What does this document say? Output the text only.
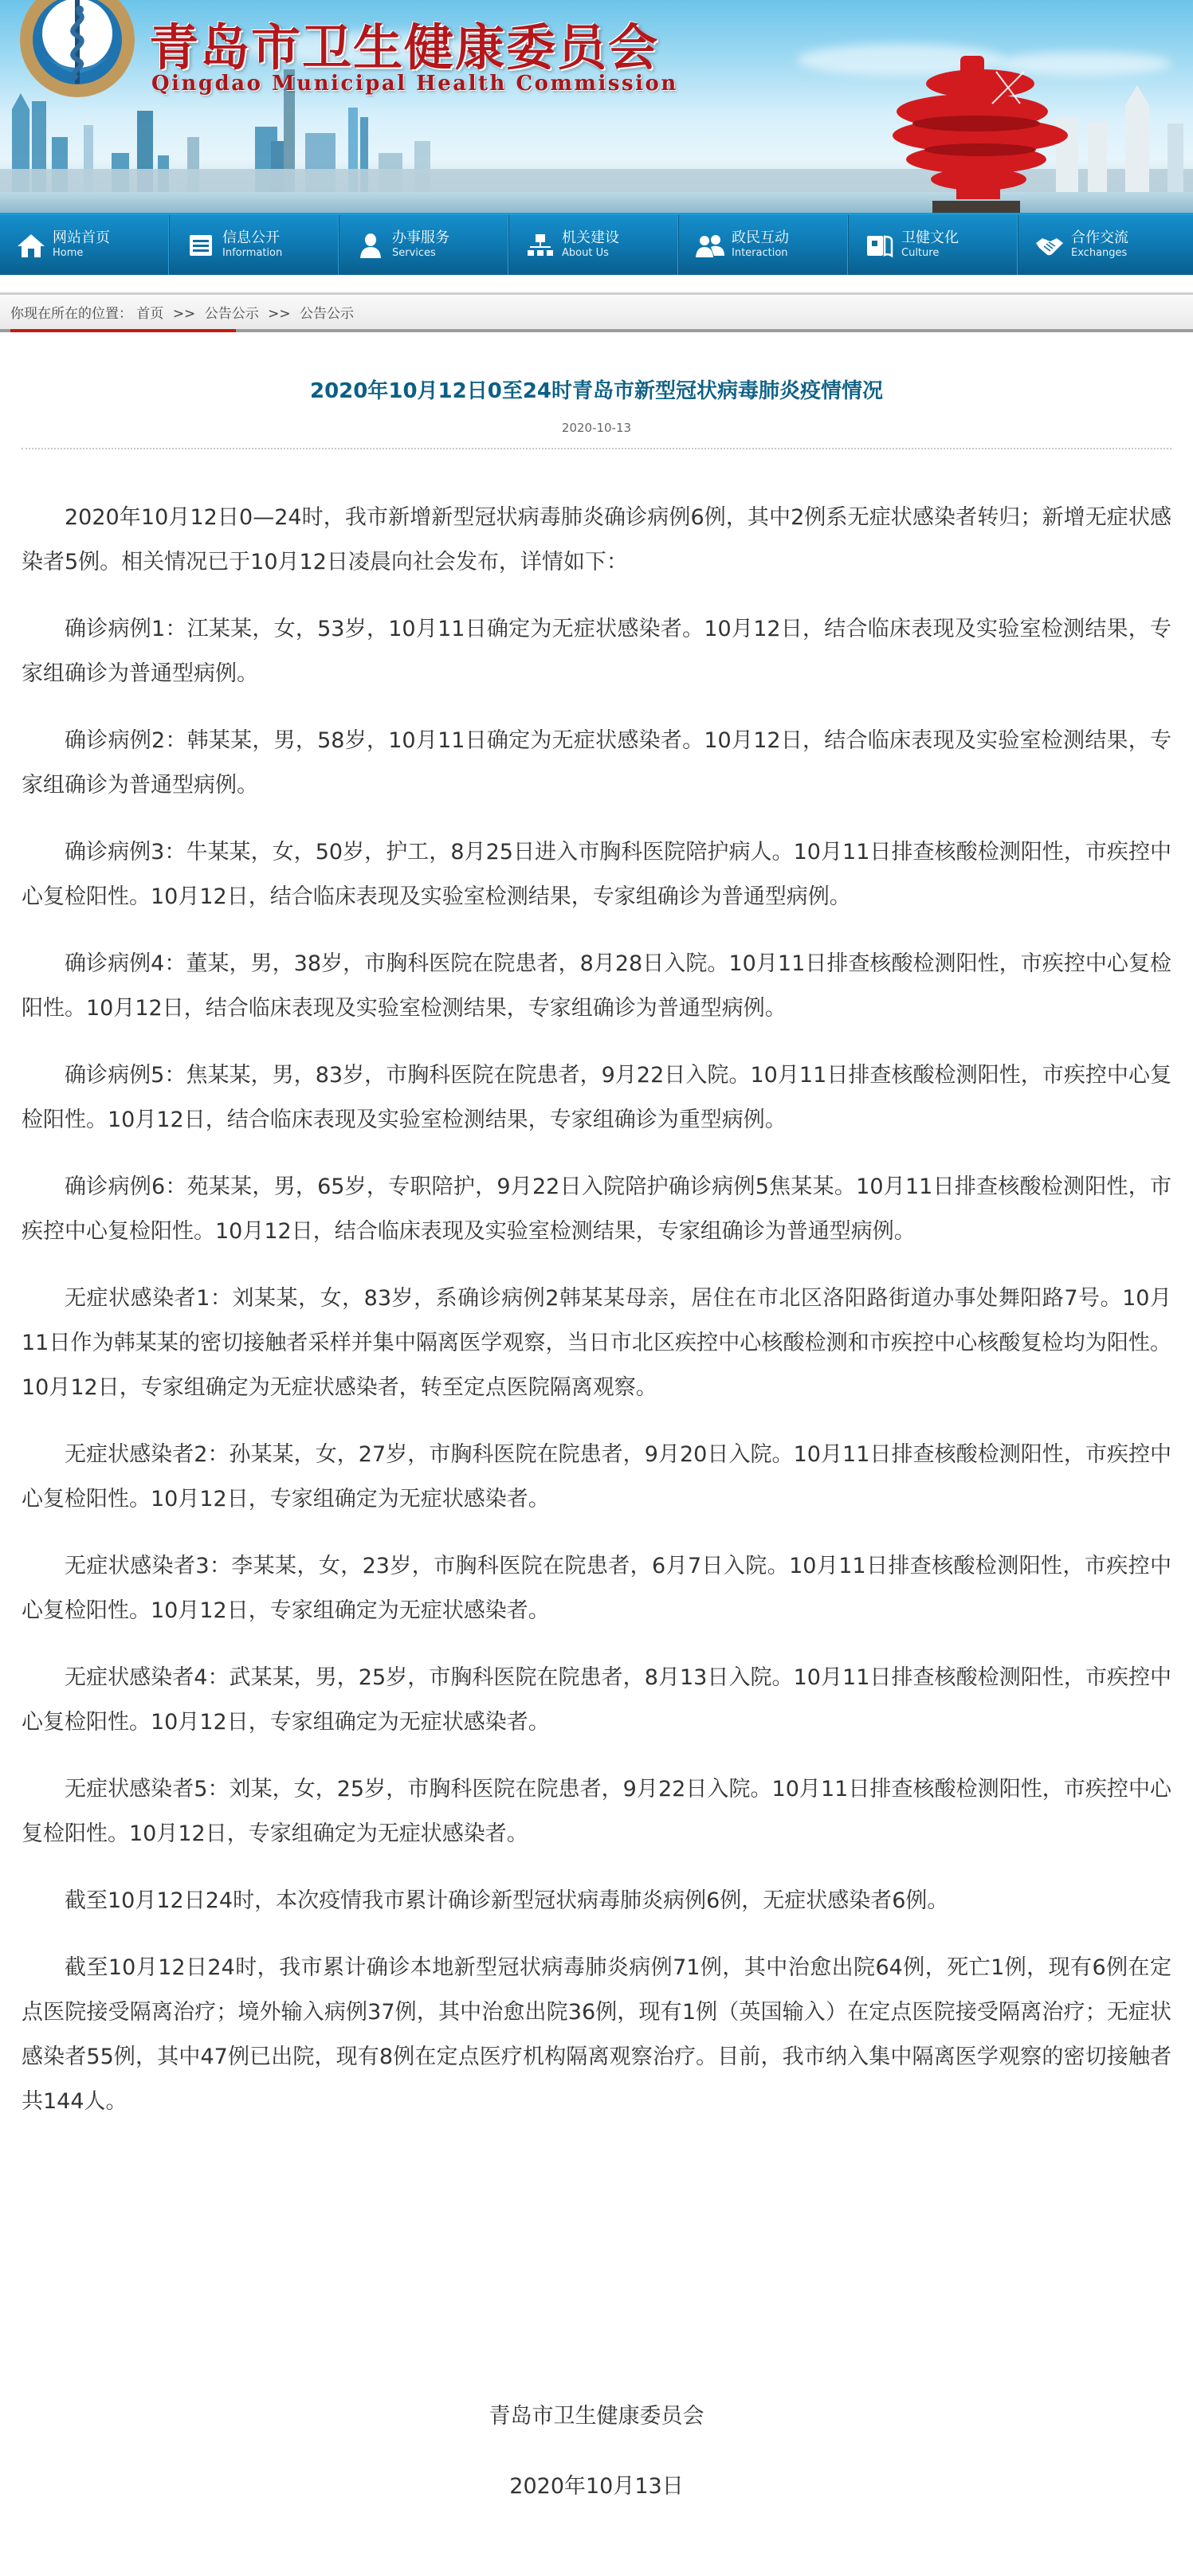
青岛市卫生健康委员会
Qingdao Municipal Health Commission
网站首页
Home
信息公开
Information
办事服务
Services
机关建设
About Us
政民互动
Interaction
卫健文化
Culture
合作交流
Exchanges
你现在所在的位置： 首页 >> 公告公示 >> 公告公示
2020年10月12日0至24时青岛市新型冠状病毒肺炎疫情情况
2020-10-13

2020年10月12日0—24时，我市新增新型冠状病毒肺炎确诊病例6例，其中2例系无症状感染者转归；新增无症状感染者5例。相关情况已于10月12日凌晨向社会发布，详情如下：

确诊病例1：江某某，女，53岁，10月11日确定为无症状感染者。10月12日，结合临床表现及实验室检测结果，专家组确诊为普通型病例。

确诊病例2：韩某某，男，58岁，10月11日确定为无症状感染者。10月12日，结合临床表现及实验室检测结果，专家组确诊为普通型病例。

确诊病例3：牛某某，女，50岁，护工，8月25日进入市胸科医院陪护病人。10月11日排查核酸检测阳性，市疾控中心复检阳性。10月12日，结合临床表现及实验室检测结果，专家组确诊为普通型病例。

确诊病例4：董某，男，38岁，市胸科医院在院患者，8月28日入院。10月11日排查核酸检测阳性，市疾控中心复检阳性。10月12日，结合临床表现及实验室检测结果，专家组确诊为普通型病例。

确诊病例5：焦某某，男，83岁，市胸科医院在院患者，9月22日入院。10月11日排查核酸检测阳性，市疾控中心复检阳性。10月12日，结合临床表现及实验室检测结果，专家组确诊为重型病例。

确诊病例6：苑某某，男，65岁，专职陪护，9月22日入院陪护确诊病例5焦某某。10月11日排查核酸检测阳性，市疾控中心复检阳性。10月12日，结合临床表现及实验室检测结果，专家组确诊为普通型病例。

无症状感染者1：刘某某，女，83岁，系确诊病例2韩某某母亲，居住在市北区洛阳路街道办事处舞阳路7号。10月11日作为韩某某的密切接触者采样并集中隔离医学观察，当日市北区疾控中心核酸检测和市疾控中心核酸复检均为阳性。10月12日，专家组确定为无症状感染者，转至定点医院隔离观察。

无症状感染者2：孙某某，女，27岁，市胸科医院在院患者，9月20日入院。10月11日排查核酸检测阳性，市疾控中心复检阳性。10月12日，专家组确定为无症状感染者。

无症状感染者3：李某某，女，23岁，市胸科医院在院患者，6月7日入院。10月11日排查核酸检测阳性，市疾控中心复检阳性。10月12日，专家组确定为无症状感染者。

无症状感染者4：武某某，男，25岁，市胸科医院在院患者，8月13日入院。10月11日排查核酸检测阳性，市疾控中心复检阳性。10月12日，专家组确定为无症状感染者。

无症状感染者5：刘某，女，25岁，市胸科医院在院患者，9月22日入院。10月11日排查核酸检测阳性，市疾控中心复检阳性。10月12日，专家组确定为无症状感染者。

截至10月12日24时，本次疫情我市累计确诊新型冠状病毒肺炎病例6例，无症状感染者6例。

截至10月12日24时，我市累计确诊本地新型冠状病毒肺炎病例71例，其中治愈出院64例，死亡1例，现有6例在定点医院接受隔离治疗；境外输入病例37例，其中治愈出院36例，现有1例（英国输入）在定点医院接受隔离治疗；无症状感染者55例，其中47例已出院，现有8例在定点医疗机构隔离观察治疗。目前，我市纳入集中隔离医学观察的密切接触者共144人。

青岛市卫生健康委员会
2020年10月13日
